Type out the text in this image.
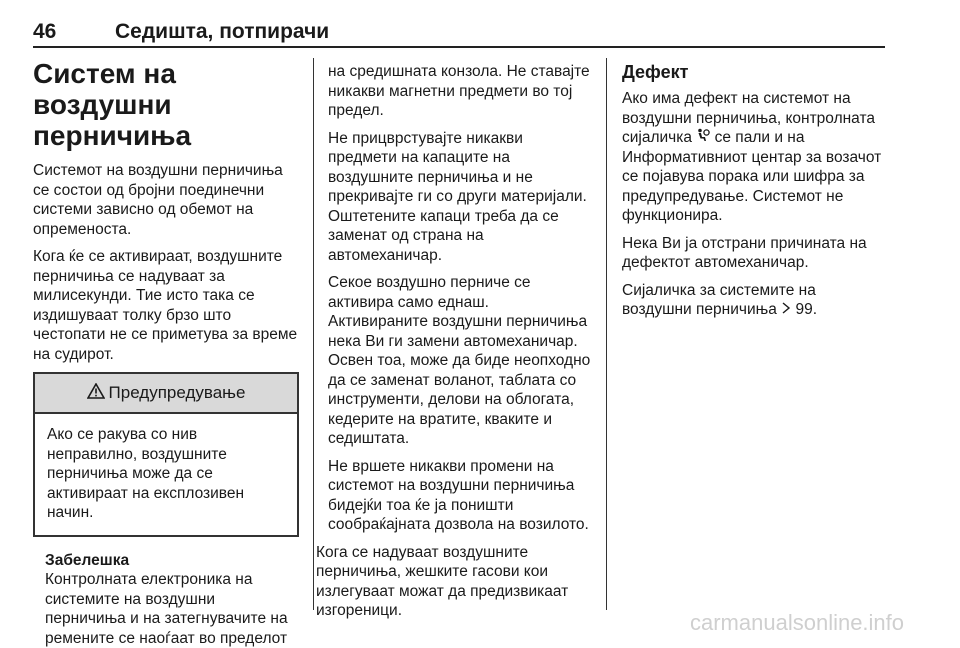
46	Седишта, потпирачи
Систем на воздушни перничиња

Системот на воздушни перничиња се состои од бројни поединечни системи зависно од обемот на опременоста.

Кога ќе се активираат, воздушните перничиња се надуваат за милисекунди. Тие исто така се издишуваат толку брзо што честопати не се приметува за време на судирот.

Предупредување

Ако се ракува со нив неправилно, воздушните перничиња може да се активираат на експлозивен начин.

Забелешка

Контролната електроника на системите на воздушни перничиња и на затегнувачите на ремените се наоѓаат во пределот

на средишната конзола. Не ставајте никакви магнетни предмети во тој предел.

Не прицврстувајте никакви предмети на капаците на воздушните перничиња и не прекривајте ги со други материјали. Оштетените капаци треба да се заменат од страна на автомеханичар.

Секое воздушно перниче се активира само еднаш. Активираните воздушни перничиња нека Ви ги замени автомеханичар. Освен тоа, може да биде неопходно да се заменат воланот, таблата со инструменти, делови на облогата, кедерите на вратите, кваките и седиштата.

Не вршете никакви промени на системот на воздушни перничиња бидејќи тоа ќе ја поништи сообраќајната дозвола на возилото.

Кога се надуваат воздушните перничиња, жешките гасови кои излегуваат можат да предизвикаат изгореници.

Дефект

Ако има дефект на системот на воздушни перничиња, контролната сијаличка се пали и на Информативниот центар за возачот се појавува порака или шифра за предупредување. Системот не функционира.

Нека Ви ја отстрани причината на дефектот автомеханичар.

Сијаличка за системите на воздушни перничиња 99.

carmanualsonline.info
